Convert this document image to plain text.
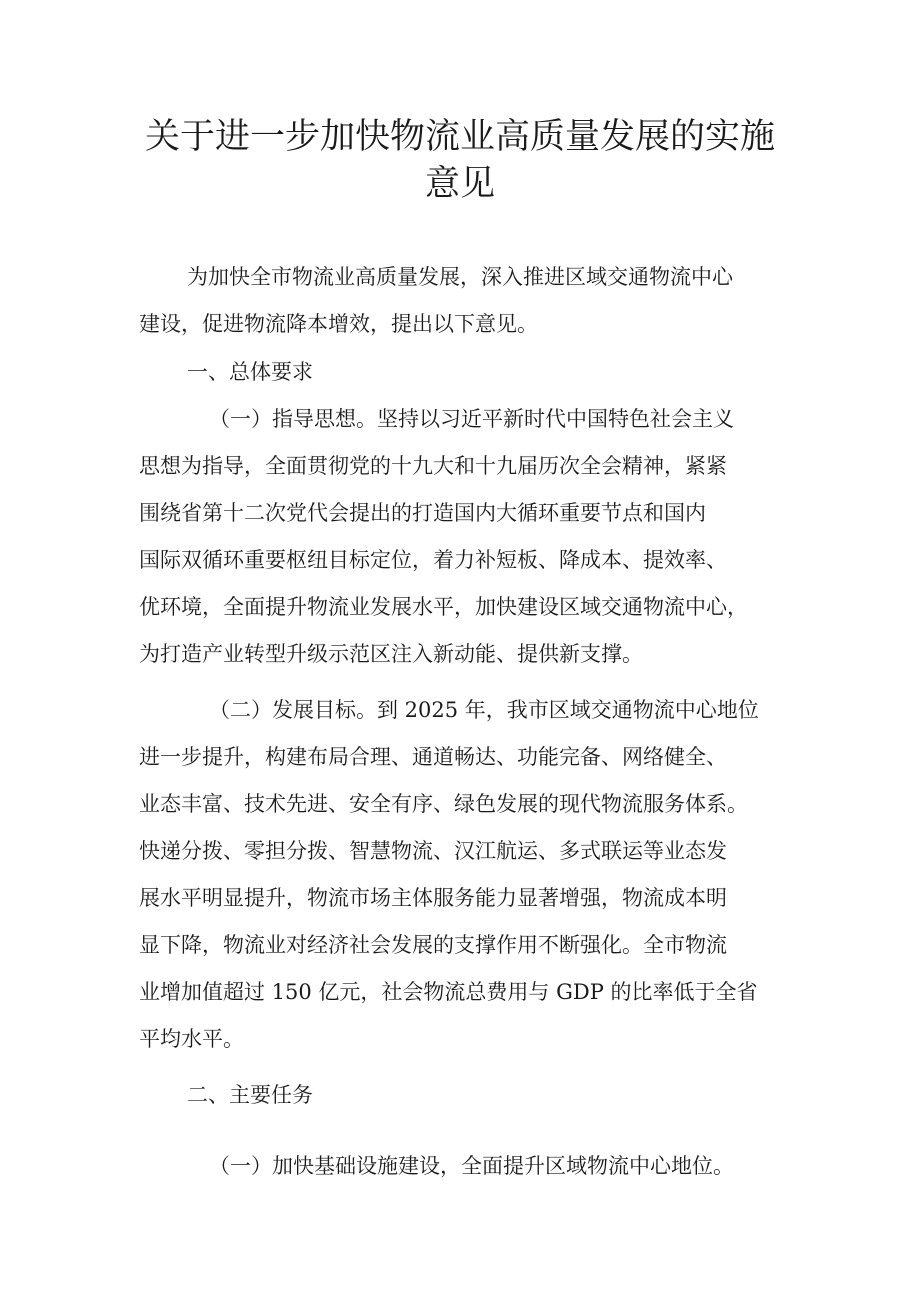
关于进一步加快物流业高质量发展的实施
意见
为加快全市物流业高质量发展，深入推进区域交通物流中心
建设，促进物流降本增效，提出以下意见。
一、总体要求
（一）指导思想。坚持以习近平新时代中国特色社会主义
思想为指导，全面贯彻党的十九大和十九届历次全会精神，紧紧
围绕省第十二次党代会提出的打造国内大循环重要节点和国内
国际双循环重要枢纽目标定位，着力补短板、降成本、提效率、
优环境，全面提升物流业发展水平，加快建设区域交通物流中心，
为打造产业转型升级示范区注入新动能、提供新支撑。
（二）发展目标。到 2025 年，我市区域交通物流中心地位
进一步提升，构建布局合理、通道畅达、功能完备、网络健全、
业态丰富、技术先进、安全有序、绿色发展的现代物流服务体系。
快递分拨、零担分拨、智慧物流、汉江航运、多式联运等业态发
展水平明显提升，物流市场主体服务能力显著增强，物流成本明
显下降，物流业对经济社会发展的支撑作用不断强化。全市物流
业增加值超过 150 亿元，社会物流总费用与 GDP 的比率低于全省
平均水平。
二、主要任务
（一）加快基础设施建设，全面提升区域物流中心地位。
